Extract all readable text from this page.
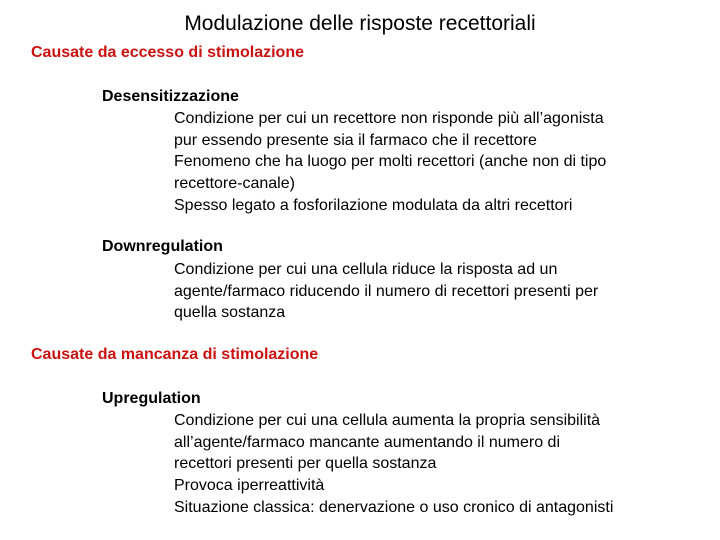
Modulazione delle risposte recettoriali
Causate da eccesso di stimolazione
Desensitizzazione
Condizione per cui un recettore non risponde più all’agonista
pur essendo presente sia il farmaco che il recettore
Fenomeno che ha luogo per molti recettori (anche non di tipo
recettore-canale)
Spesso legato a fosforilazione modulata da altri recettori
Downregulation
Condizione per cui una cellula riduce la risposta ad un
agente/farmaco riducendo il numero di recettori presenti per
quella sostanza
Causate da mancanza di stimolazione
Upregulation
Condizione per cui una cellula aumenta la propria sensibilità
all’agente/farmaco mancante aumentando il numero di
recettori presenti per quella sostanza
Provoca iperreattività
Situazione classica: denervazione o uso cronico di antagonisti
